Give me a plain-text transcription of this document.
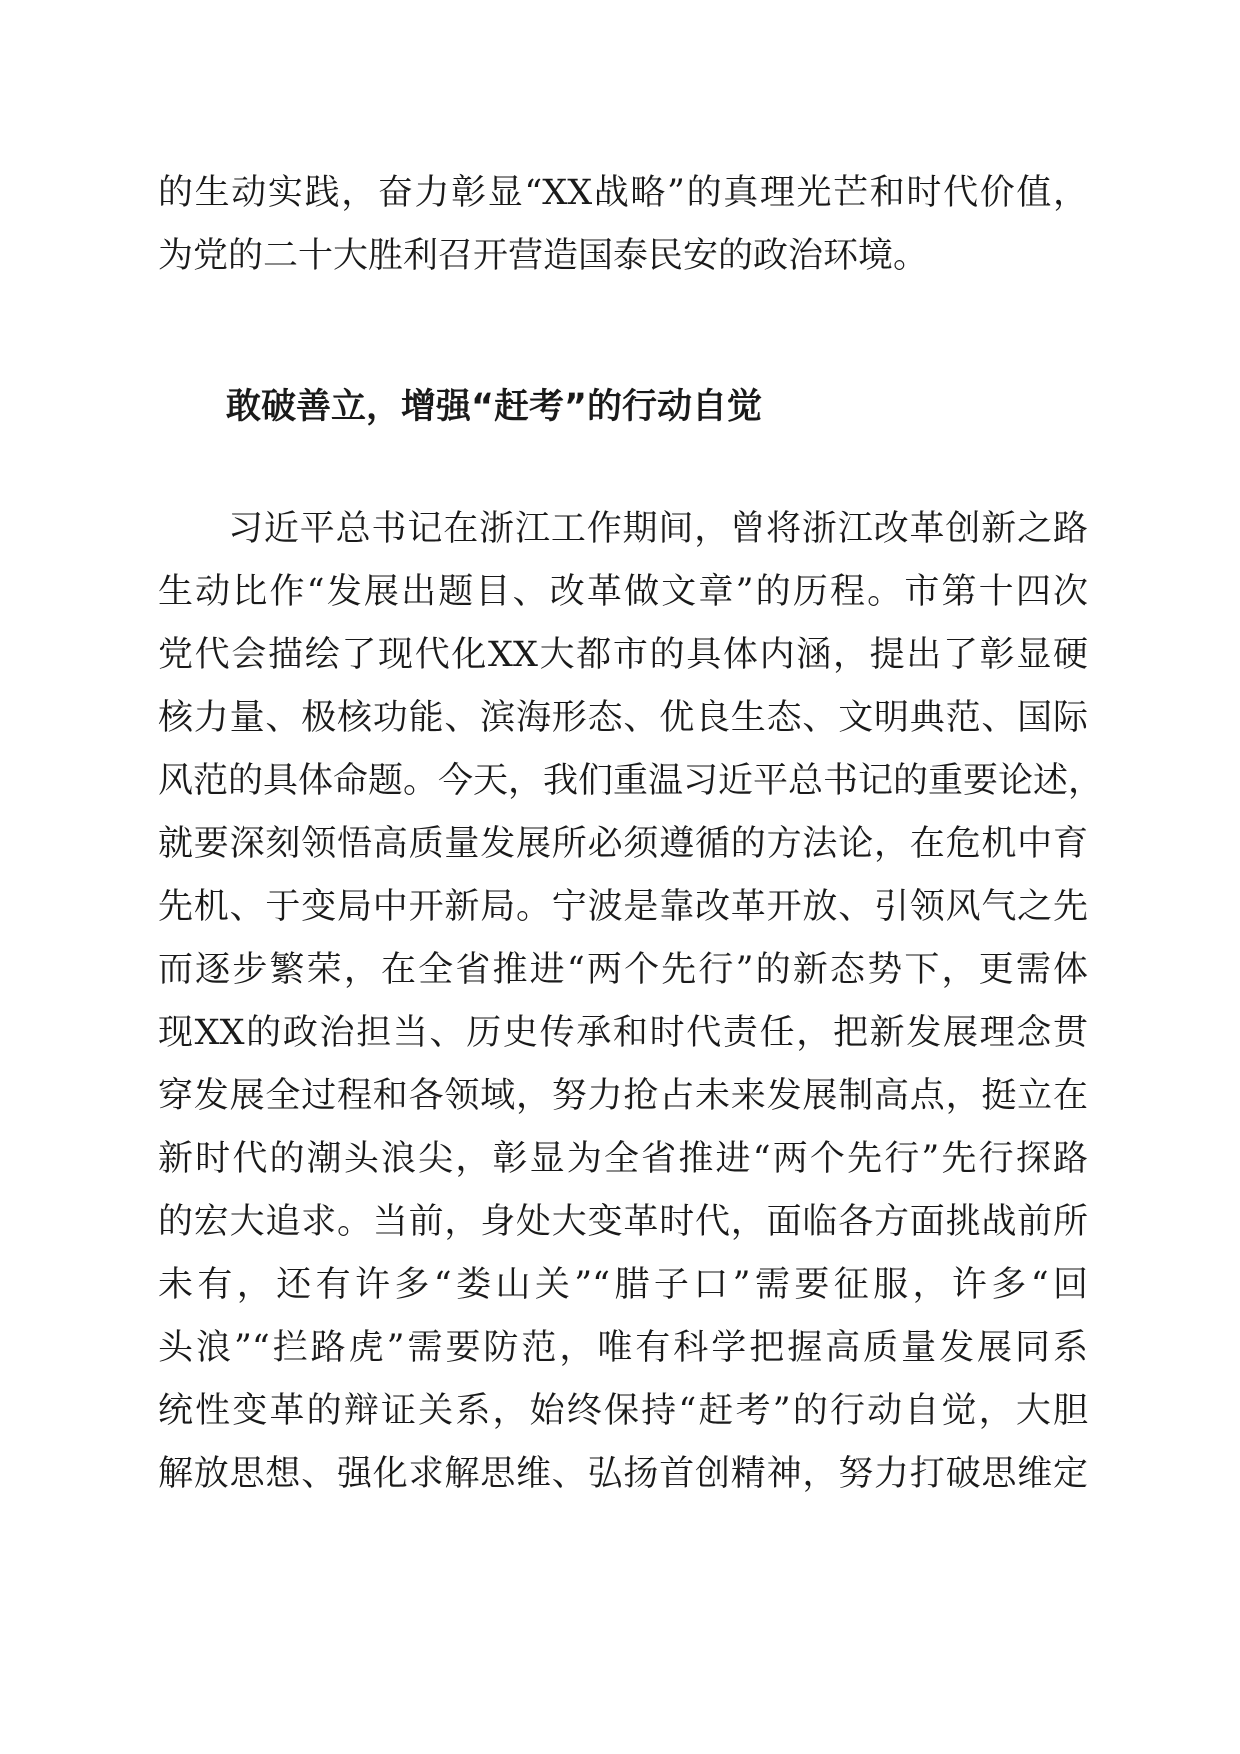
的生动实践，奋力彰显“XX战略”的真理光芒和时代价值，

为党的二十大胜利召开营造国泰民安的政治环境。

敢破善立，增强“赶考”的行动自觉

习近平总书记在浙江工作期间，曾将浙江改革创新之路

生动比作“发展出题目、改革做文章”的历程。市第十四次

党代会描绘了现代化XX大都市的具体内涵，提出了彰显硬

核力量、极核功能、滨海形态、优良生态、文明典范、国际

风范的具体命题。今天，我们重温习近平总书记的重要论述，

就要深刻领悟高质量发展所必须遵循的方法论，在危机中育

先机、于变局中开新局。宁波是靠改革开放、引领风气之先

而逐步繁荣，在全省推进“两个先行”的新态势下，更需体

现XX的政治担当、历史传承和时代责任，把新发展理念贯

穿发展全过程和各领域，努力抢占未来发展制高点，挺立在

新时代的潮头浪尖，彰显为全省推进“两个先行”先行探路

的宏大追求。当前，身处大变革时代，面临各方面挑战前所

未有，还有许多“娄山关”“腊子口”需要征服，许多“回

头浪”“拦路虎”需要防范，唯有科学把握高质量发展同系

统性变革的辩证关系，始终保持“赶考”的行动自觉，大胆

解放思想、强化求解思维、弘扬首创精神，努力打破思维定
